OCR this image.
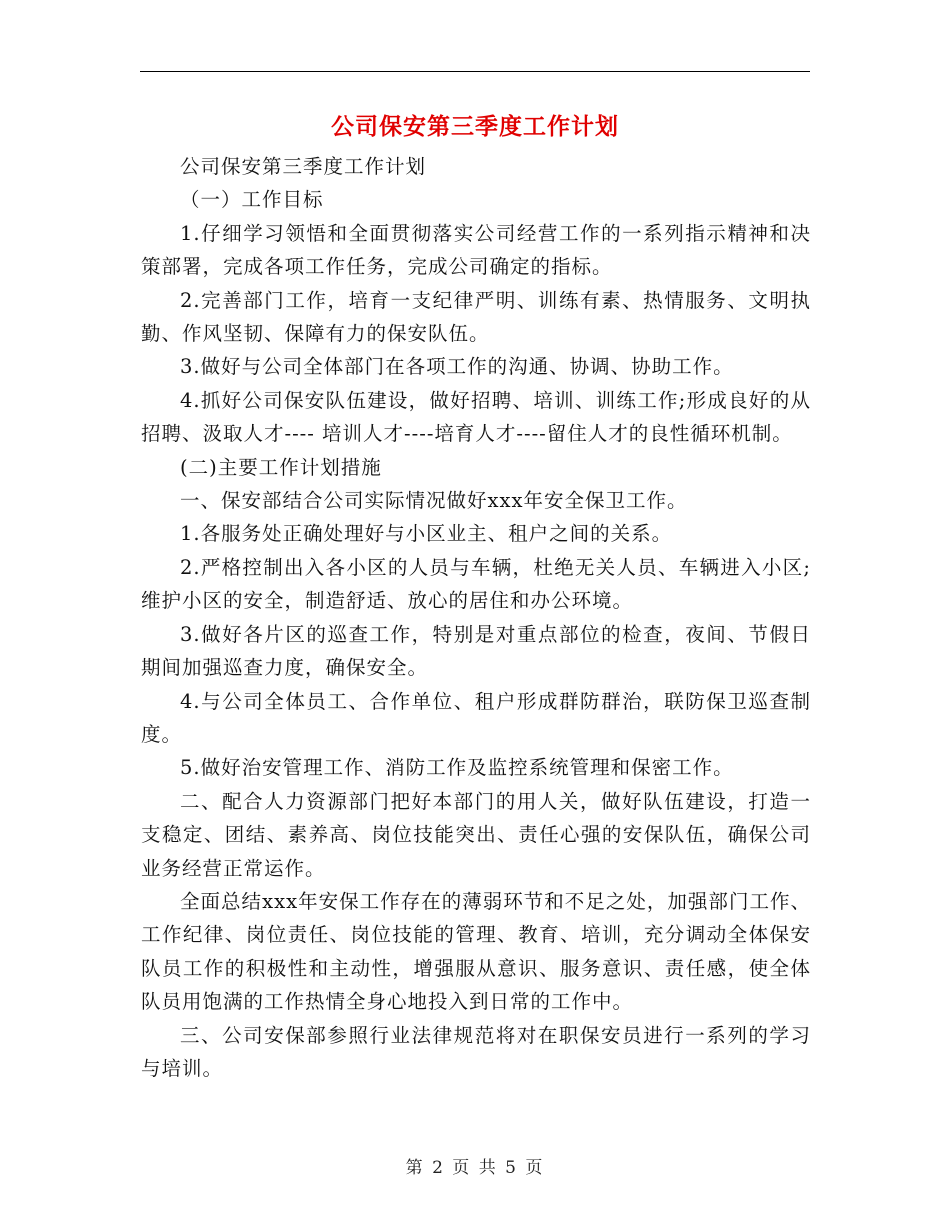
公司保安第三季度工作计划

公司保安第三季度工作计划

（一）工作目标

1.仔细学习领悟和全面贯彻落实公司经营工作的一系列指示精神和决策部署，完成各项工作任务，完成公司确定的指标。

2.完善部门工作，培育一支纪律严明、训练有素、热情服务、文明执勤、作风坚韧、保障有力的保安队伍。

3.做好与公司全体部门在各项工作的沟通、协调、协助工作。

4.抓好公司保安队伍建设，做好招聘、培训、训练工作;形成良好的从招聘、汲取人才---- 培训人才----培育人才----留住人才的良性循环机制。

(二)主要工作计划措施

一、保安部结合公司实际情况做好xxx年安全保卫工作。

1.各服务处正确处理好与小区业主、租户之间的关系。

2.严格控制出入各小区的人员与车辆，杜绝无关人员、车辆进入小区;维护小区的安全，制造舒适、放心的居住和办公环境。

3.做好各片区的巡查工作，特别是对重点部位的检查，夜间、节假日期间加强巡查力度，确保安全。

4.与公司全体员工、合作单位、租户形成群防群治，联防保卫巡查制度。

5.做好治安管理工作、消防工作及监控系统管理和保密工作。

二、配合人力资源部门把好本部门的用人关，做好队伍建设，打造一支稳定、团结、素养高、岗位技能突出、责任心强的安保队伍，确保公司业务经营正常运作。

全面总结xxx年安保工作存在的薄弱环节和不足之处，加强部门工作、工作纪律、岗位责任、岗位技能的管理、教育、培训，充分调动全体保安队员工作的积极性和主动性，增强服从意识、服务意识、责任感，使全体队员用饱满的工作热情全身心地投入到日常的工作中。

三、公司安保部参照行业法律规范将对在职保安员进行一系列的学习与培训。

第 2 页 共 5 页
